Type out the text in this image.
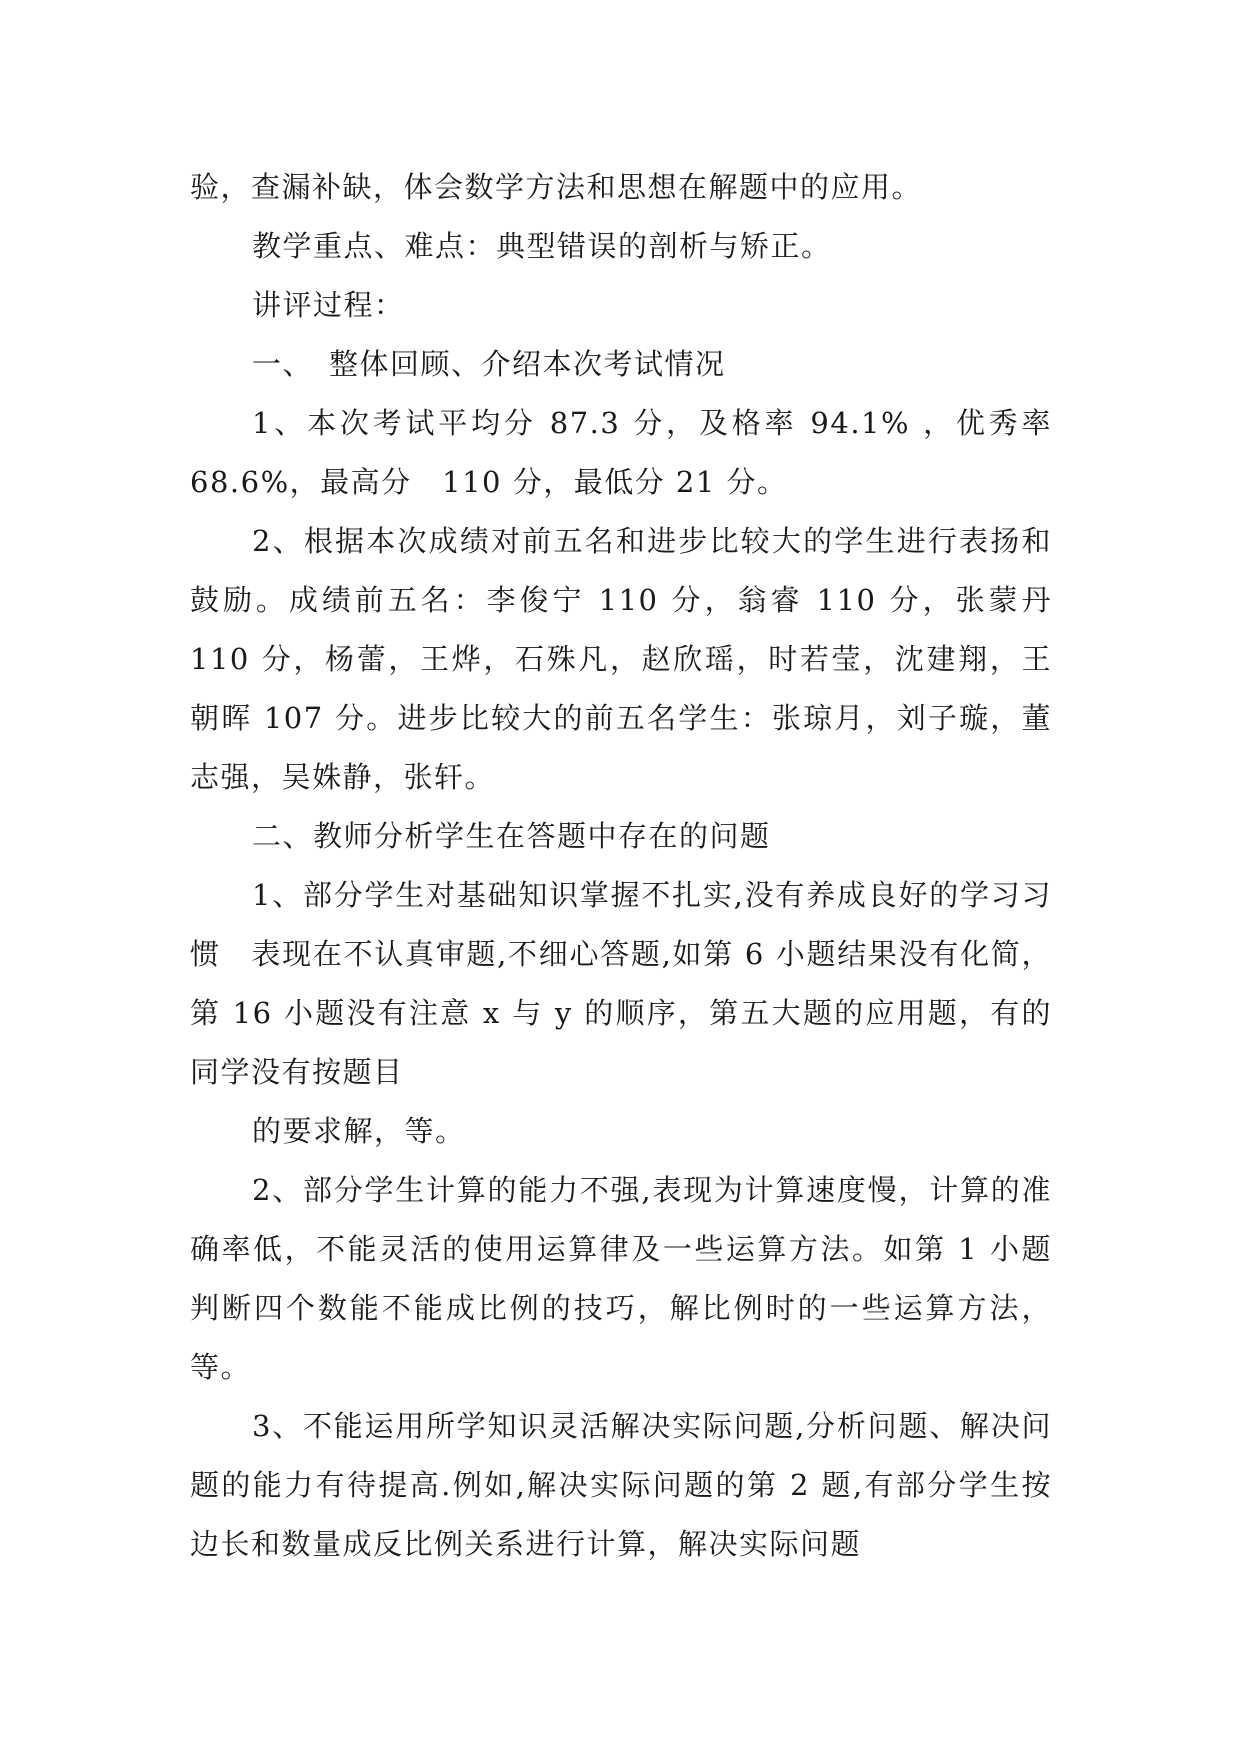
验，查漏补缺，体会数学方法和思想在解题中的应用。

教学重点、难点：典型错误的剖析与矫正。

讲评过程：

一、　整体回顾、介绍本次考试情况

1、本次考试平均分 87.3 分，及格率 94.1% ，优秀率 68.6%，最高分　110 分，最低分 21 分。

2、根据本次成绩对前五名和进步比较大的学生进行表扬和鼓励。成绩前五名：李俊宁 110 分，翁睿 110 分，张蒙丹 110 分，杨蕾，王烨，石殊凡，赵欣瑶，时若莹，沈建翔，王朝晖 107 分。进步比较大的前五名学生：张琼月，刘子璇，董志强，吴姝静，张轩。

二、教师分析学生在答题中存在的问题

1、部分学生对基础知识掌握不扎实,没有养成良好的学习习惯　表现在不认真审题,不细心答题,如第 6 小题结果没有化简，第 16 小题没有注意 x 与 y 的顺序，第五大题的应用题，有的同学没有按题目

的要求解，等。

2、部分学生计算的能力不强,表现为计算速度慢，计算的准确率低，不能灵活的使用运算律及一些运算方法。如第 1 小题判断四个数能不能成比例的技巧，解比例时的一些运算方法，等。

3、不能运用所学知识灵活解决实际问题,分析问题、解决问题的能力有待提高.例如,解决实际问题的第 2 题,有部分学生按边长和数量成反比例关系进行计算，解决实际问题
